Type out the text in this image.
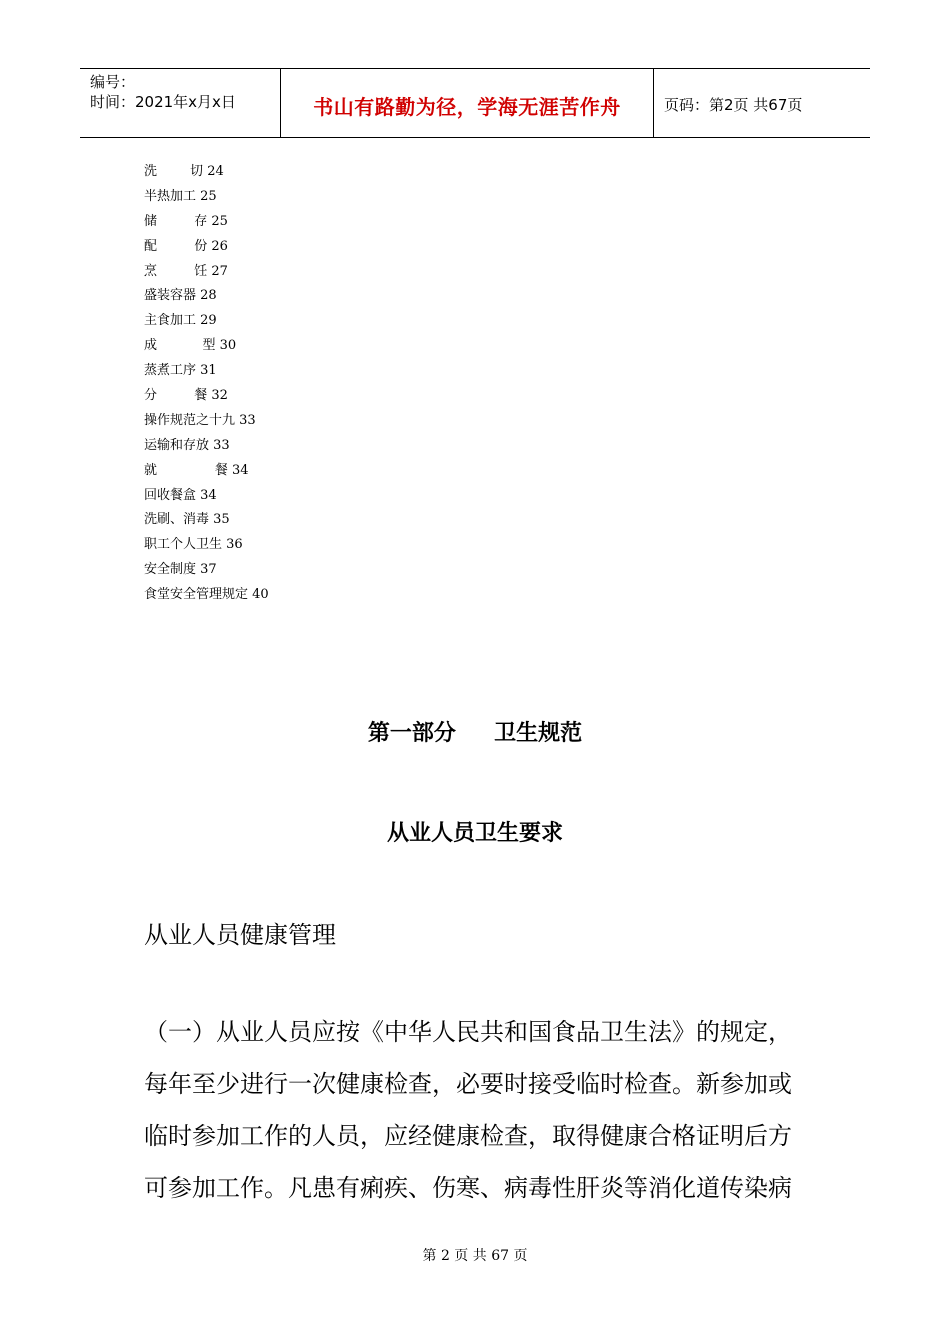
编号：
时间：2021年x月x日	书山有路勤为径，学海无涯苦作舟	页码：第2页 共67页
洗        切 24
半热加工 25
储         存 25
配         份 26
烹         饪 27
盛装容器 28
主食加工 29
成           型 30
蒸煮工序 31
分         餐 32
操作规范之十九 33
运输和存放 33
就              餐 34
回收餐盒 34
洗刷、消毒 35
职工个人卫生 36
安全制度 37
食堂安全管理规定 40
第一部分     卫生规范
从业人员卫生要求
从业人员健康管理
（一）从业人员应按《中华人民共和国食品卫生法》的规定，
每年至少进行一次健康检查，必要时接受临时检查。新参加或
临时参加工作的人员，应经健康检查，取得健康合格证明后方
可参加工作。凡患有痢疾、伤寒、病毒性肝炎等消化道传染病
第 2 页 共 67 页
